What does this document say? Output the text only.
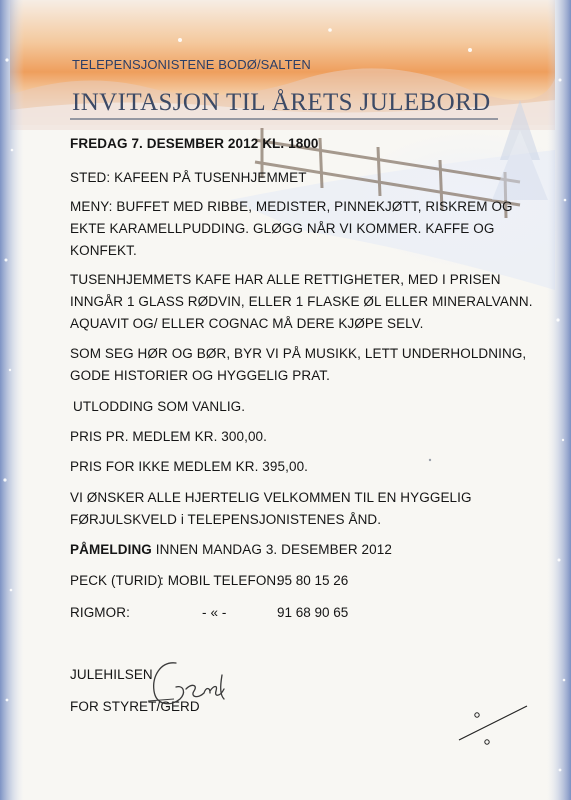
TELEPENSJONISTENE BODØ/SALTEN
INVITASJON TIL ÅRETS JULEBORD
FREDAG 7. DESEMBER 2012 KL. 1800
STED: KAFEEN PÅ TUSENHJEMMET
MENY: BUFFET MED RIBBE, MEDISTER, PINNEKJØTT, RISKREM OG
EKTE KARAMELLPUDDING. GLØGG NÅR VI KOMMER. KAFFE OG
KONFEKT.
TUSENHJEMMETS KAFE HAR ALLE RETTIGHETER, MED I PRISEN
INNGÅR 1 GLASS RØDVIN, ELLER 1 FLASKE ØL ELLER MINERALVANN.
AQUAVIT OG/ ELLER COGNAC MÅ DERE KJØPE SELV.
SOM SEG HØR OG BØR, BYR VI PÅ MUSIKK, LETT UNDERHOLDNING,
GODE HISTORIER OG HYGGELIG PRAT.
UTLODDING SOM VANLIG.
PRIS PR. MEDLEM KR. 300,00.
PRIS FOR IKKE MEDLEM KR. 395,00.
VI ØNSKER ALLE HJERTELIG VELKOMMEN TIL EN HYGGELIG
FØRJULSKVELD i TELEPENSJONISTENES ÅND.
PÅMELDING INNEN MANDAG 3. DESEMBER 2012
PECK (TURID)
: MOBIL TELEFON:
95 80 15 26
RIGMOR:	- « -	91 68 90 65
JULEHILSEN
FOR STYRET/GERD
